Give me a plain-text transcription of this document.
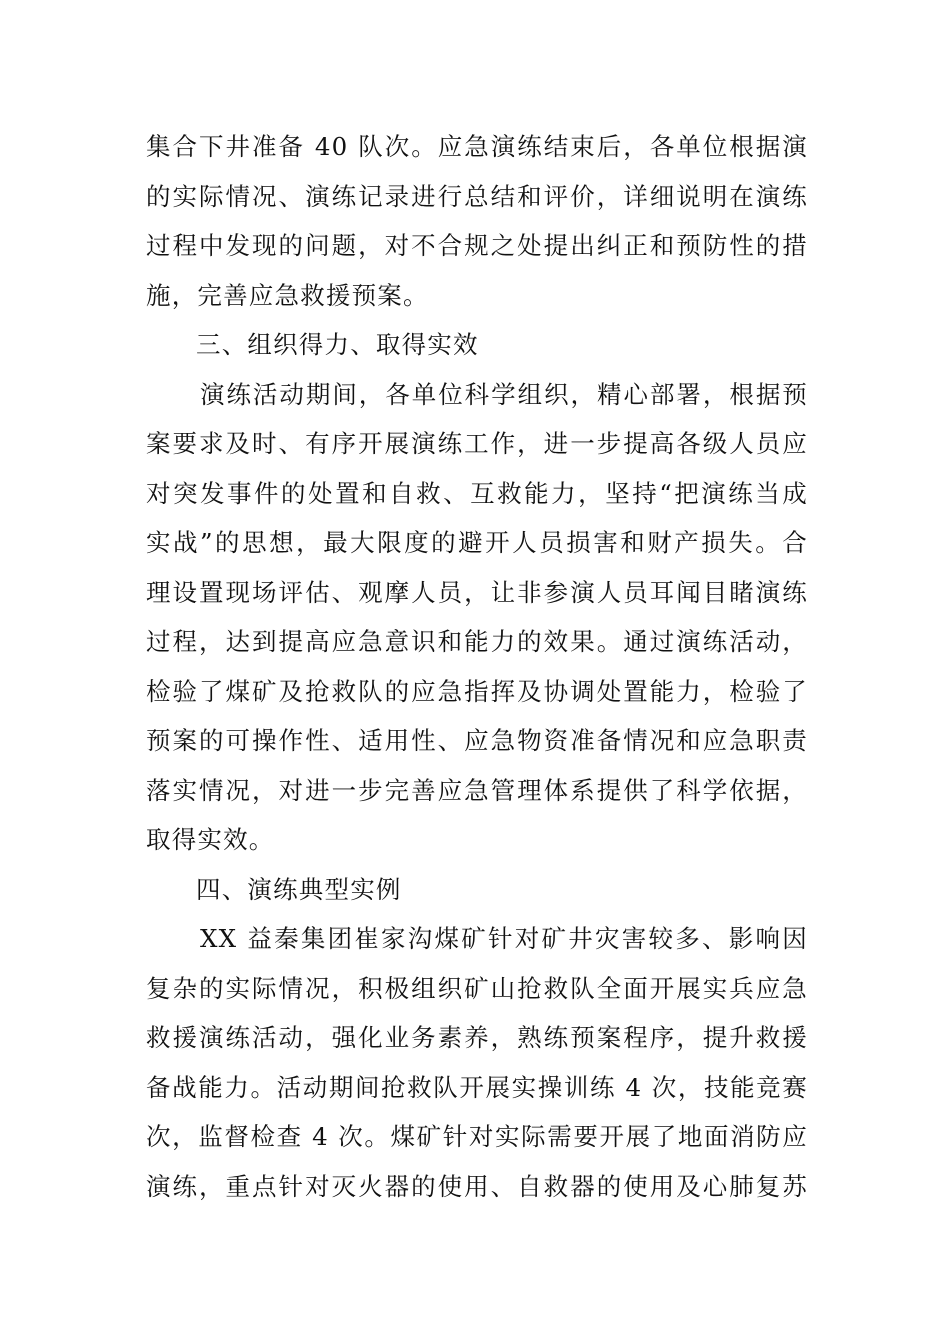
集合下井准备 40 队次。应急演练结束后，各单位根据演
的实际情况、演练记录进行总结和评价，详细说明在演练
过程中发现的问题，对不合规之处提出纠正和预防性的措
施，完善应急救援预案。
三、组织得力、取得实效
演练活动期间，各单位科学组织，精心部署，根据预
案要求及时、有序开展演练工作，进一步提高各级人员应
对突发事件的处置和自救、互救能力，坚持“把演练当成
实战”的思想，最大限度的避开人员损害和财产损失。合
理设置现场评估、观摩人员，让非参演人员耳闻目睹演练
过程，达到提高应急意识和能力的效果。通过演练活动，
检验了煤矿及抢救队的应急指挥及协调处置能力，检验了
预案的可操作性、适用性、应急物资准备情况和应急职责
落实情况，对进一步完善应急管理体系提供了科学依据，
取得实效。
四、演练典型实例
XX 益秦集团崔家沟煤矿针对矿井灾害较多、影响因
复杂的实际情况，积极组织矿山抢救队全面开展实兵应急
救援演练活动，强化业务素养，熟练预案程序，提升救援
备战能力。活动期间抢救队开展实操训练 4 次，技能竞赛
次，监督检查 4 次。煤矿针对实际需要开展了地面消防应
演练，重点针对灭火器的使用、自救器的使用及心肺复苏
